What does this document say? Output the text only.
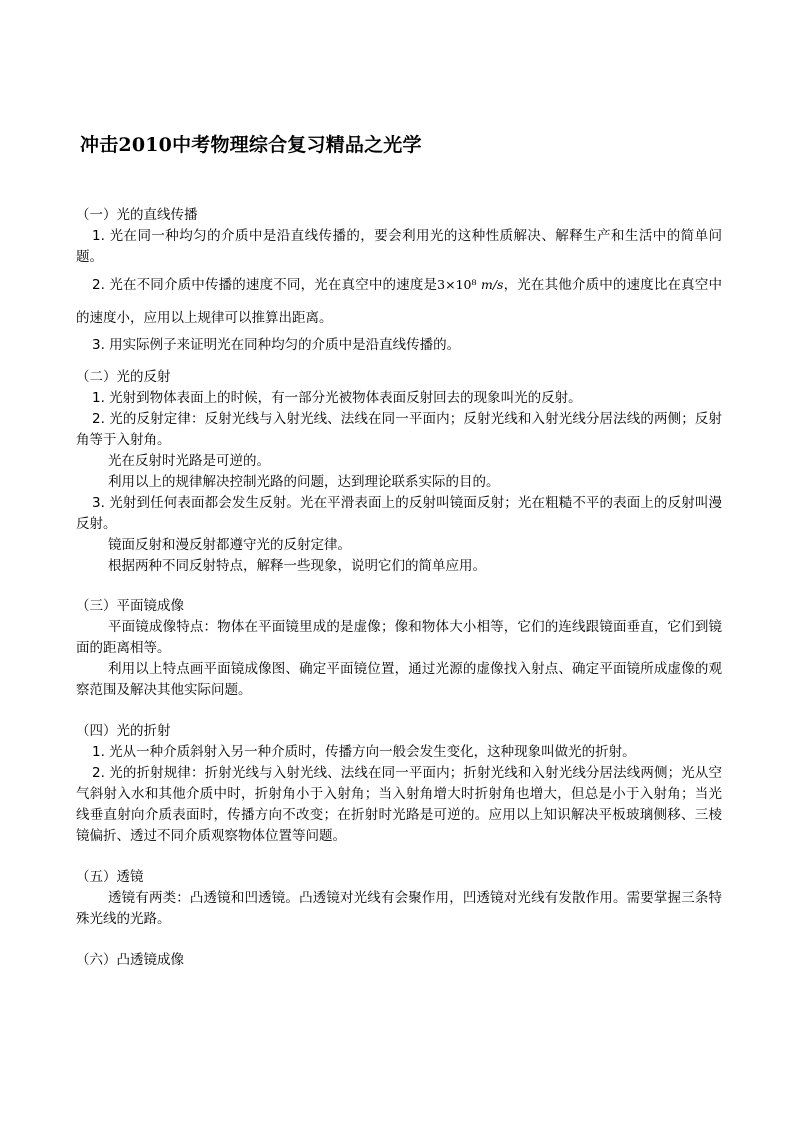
冲击2010中考物理综合复习精品之光学

（一）光的直线传播

1. 光在同一种均匀的介质中是沿直线传播的，要会利用光的这种性质解决、解释生产和生活中的简单问题。

2. 光在不同介质中传播的速度不同，光在真空中的速度是3×10⁸ m/s，光在其他介质中的速度比在真空中的速度小，应用以上规律可以推算出距离。

3. 用实际例子来证明光在同种均匀的介质中是沿直线传播的。

（二）光的反射

1. 光射到物体表面上的时候，有一部分光被物体表面反射回去的现象叫光的反射。

2. 光的反射定律：反射光线与入射光线、法线在同一平面内；反射光线和入射光线分居法线的两侧；反射角等于入射角。

光在反射时光路是可逆的。

利用以上的规律解决控制光路的问题，达到理论联系实际的目的。

3. 光射到任何表面都会发生反射。光在平滑表面上的反射叫镜面反射；光在粗糙不平的表面上的反射叫漫反射。

镜面反射和漫反射都遵守光的反射定律。

根据两种不同反射特点，解释一些现象，说明它们的简单应用。

（三）平面镜成像

平面镜成像特点：物体在平面镜里成的是虚像；像和物体大小相等，它们的连线跟镜面垂直，它们到镜面的距离相等。

利用以上特点画平面镜成像图、确定平面镜位置，通过光源的虚像找入射点、确定平面镜所成虚像的观察范围及解决其他实际问题。

（四）光的折射

1. 光从一种介质斜射入另一种介质时，传播方向一般会发生变化，这种现象叫做光的折射。

2. 光的折射规律：折射光线与入射光线、法线在同一平面内；折射光线和入射光线分居法线两侧；光从空气斜射入水和其他介质中时，折射角小于入射角；当入射角增大时折射角也增大，但总是小于入射角；当光线垂直射向介质表面时，传播方向不改变；在折射时光路是可逆的。应用以上知识解决平板玻璃侧移、三棱镜偏折、透过不同介质观察物体位置等问题。

（五）透镜

透镜有两类：凸透镜和凹透镜。凸透镜对光线有会聚作用，凹透镜对光线有发散作用。需要掌握三条特殊光线的光路。

（六）凸透镜成像
